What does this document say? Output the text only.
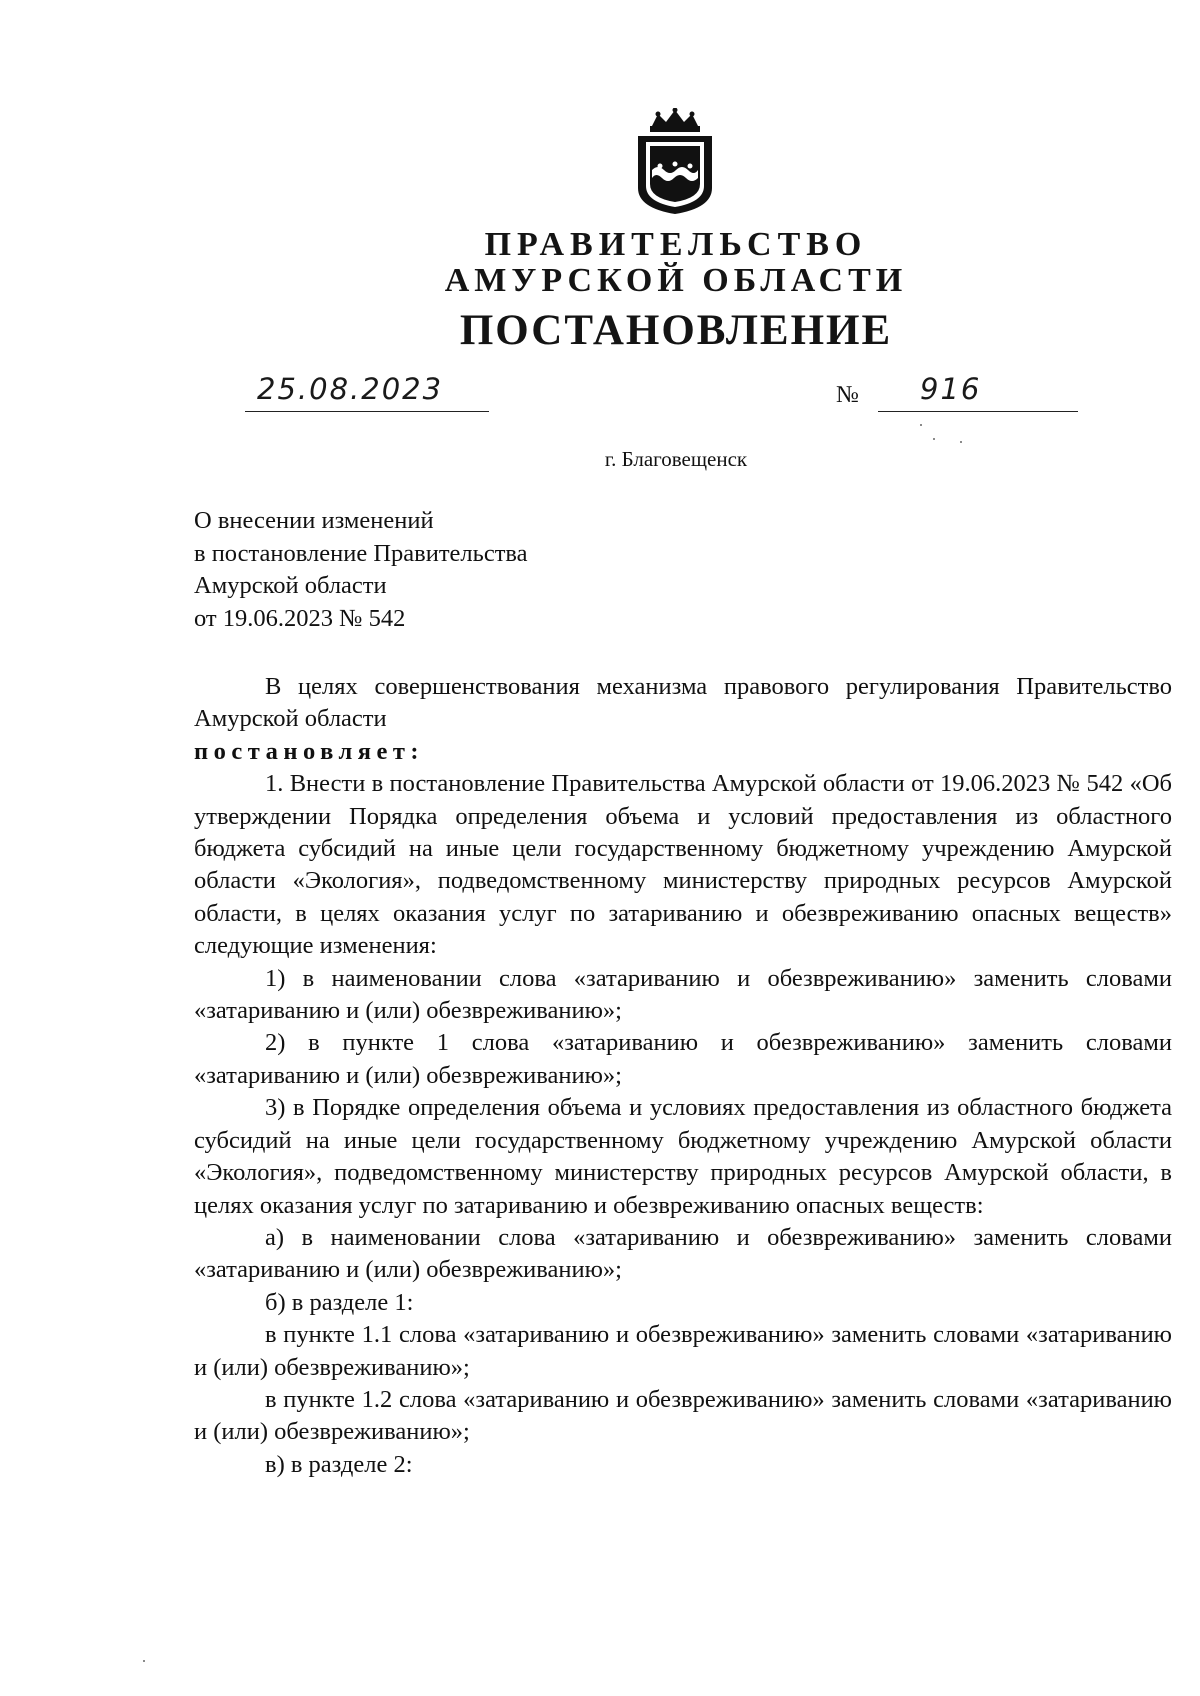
ПРАВИТЕЛЬСТВО
АМУРСКОЙ ОБЛАСТИ
ПОСТАНОВЛЕНИЕ
25.08.2023	№ 916
г. Благовещенск
О внесении изменений
в постановление Правительства
Амурской области
от 19.06.2023 № 542

В целях совершенствования механизма правового регулирования Правительство Амурской области

постановляет:

1. Внести в постановление Правительства Амурской области от 19.06.2023 № 542 «Об утверждении Порядка определения объема и условий предоставления из областного бюджета субсидий на иные цели государственному бюджетному учреждению Амурской области «Экология», подведомственному министерству природных ресурсов Амурской области, в целях оказания услуг по затариванию и обезвреживанию опасных веществ» следующие изменения:

1) в наименовании слова «затариванию и обезвреживанию» заменить словами «затариванию и (или) обезвреживанию»;

2) в пункте 1 слова «затариванию и обезвреживанию» заменить словами «затариванию и (или) обезвреживанию»;

3) в Порядке определения объема и условиях предоставления из областного бюджета субсидий на иные цели государственному бюджетному учреждению Амурской области «Экология», подведомственному министерству природных ресурсов Амурской области, в целях оказания услуг по затариванию и обезвреживанию опасных веществ:

а) в наименовании слова «затариванию и обезвреживанию» заменить словами «затариванию и (или) обезвреживанию»;

б) в разделе 1:

в пункте 1.1 слова «затариванию и обезвреживанию» заменить словами «затариванию и (или) обезвреживанию»;

в пункте 1.2 слова «затариванию и обезвреживанию» заменить словами «затариванию и (или) обезвреживанию»;

в) в разделе 2:
